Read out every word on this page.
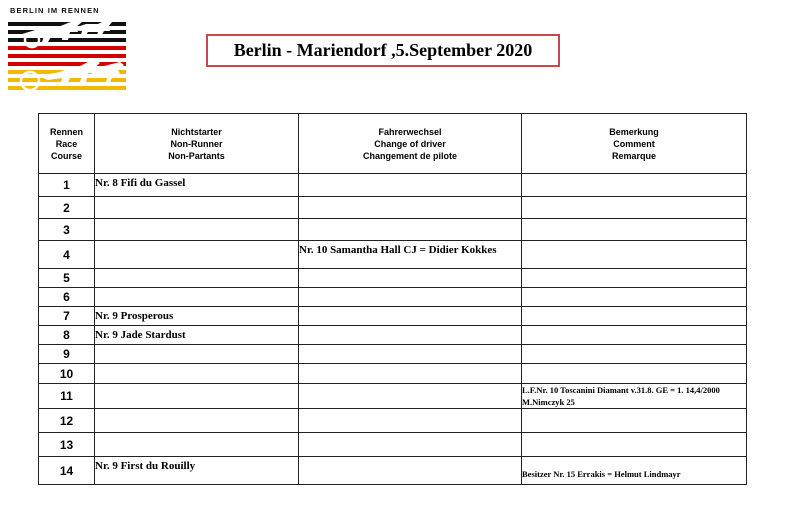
BERLIN IM RENNEN
Berlin - Mariendorf ,5.September 2020
Rennen
Race
Course	Nichtstarter
Non-Runner
Non-Partants	Fahrerwechsel
Change of driver
Changement de pilote	Bemerkung
Comment
Remarque

1	Nr. 8 Fifi du Gassel		
2			
3			
4		Nr. 10 Samantha Hall CJ = Didier Kokkes	
5			
6			
7	Nr. 9 Prosperous		
8	Nr. 9 Jade Stardust		
9			
10			
11			L.F.Nr. 10 Toscanini Diamant v.31.8. GE = 1. 14,4/2000 M.Nimczyk 25
12			
13			
14	Nr. 9 First du Rouilly		Besitzer Nr. 15 Errakis = Helmut Lindmayr
